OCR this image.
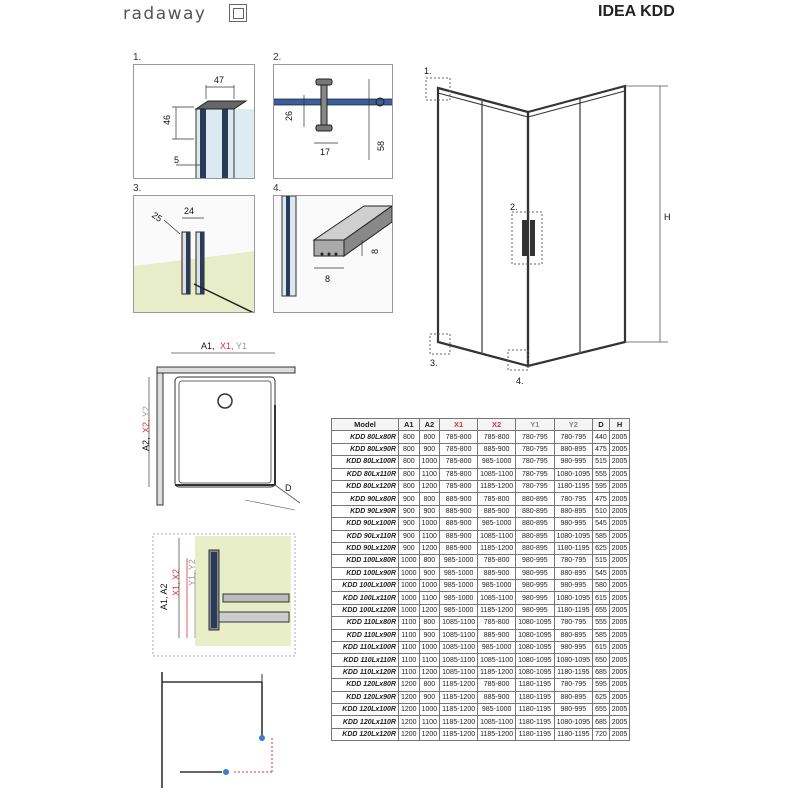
radaway	IDEA KDD
1.
47
46
5
2.
26
17
58
3.
25 24
4.
8
8
H
1.
2.
3.
4.
A1, X1, Y1
A2,
X2,
Y2
D
A1, A2
X1, X2 Y1, Y2
Model	A1	A2	X1	X2	Y1	Y2	D	H
KDD 80Lx80R	800	800	785-800	785-800	780-795	780-795	440	2005
KDD 80Lx90R	800	900	785-800	885-900	780-795	880-895	475	2005
KDD 80Lx100R	800	1000	785-800	985-1000	780-795	980-995	515	2005
KDD 80Lx110R	800	1100	785-800	1085-1100	780-795	1080-1095	555	2005
KDD 80Lx120R	800	1200	785-800	1185-1200	780-795	1180-1195	595	2005
KDD 90Lx80R	900	800	885-900	785-800	880-895	780-795	475	2005
KDD 90Lx90R	900	900	885-900	885-900	880-895	880-895	510	2005
KDD 90Lx100R	900	1000	885-900	985-1000	880-895	980-995	545	2005
KDD 90Lx110R	900	1100	885-900	1085-1100	880-895	1080-1095	585	2005
KDD 90Lx120R	900	1200	885-900	1185-1200	880-895	1180-1195	625	2005
KDD 100Lx80R	1000	800	985-1000	785-800	980-995	780-795	515	2005
KDD 100Lx90R	1000	900	985-1000	885-900	980-995	880-895	545	2005
KDD 100Lx100R	1000	1000	985-1000	985-1000	980-995	980-995	580	2005
KDD 100Lx110R	1000	1100	985-1000	1085-1100	980-995	1080-1095	615	2005
KDD 100Lx120R	1000	1200	985-1000	1185-1200	980-995	1180-1195	655	2005
KDD 110Lx80R	1100	800	1085-1100	785-800	1080-1095	780-795	555	2005
KDD 110Lx90R	1100	900	1085-1100	885-900	1080-1095	880-895	585	2005
KDD 110Lx100R	1100	1000	1085-1100	985-1000	1080-1095	980-995	615	2005
KDD 110Lx110R	1100	1100	1085-1100	1085-1100	1080-1095	1080-1095	650	2005
KDD 110Lx120R	1100	1200	1085-1100	1185-1200	1080-1095	1180-1195	685	2005
KDD 120Lx80R	1200	800	1185-1200	785-800	1180-1195	780-795	595	2005
KDD 120Lx90R	1200	900	1185-1200	885-900	1180-1195	880-895	625	2005
KDD 120Lx100R	1200	1000	1185-1200	985-1000	1180-1195	980-995	655	2005
KDD 120Lx110R	1200	1100	1185-1200	1085-1100	1180-1195	1080-1095	685	2005
KDD 120Lx120R	1200	1200	1185-1200	1185-1200	1180-1195	1180-1195	720	2005
